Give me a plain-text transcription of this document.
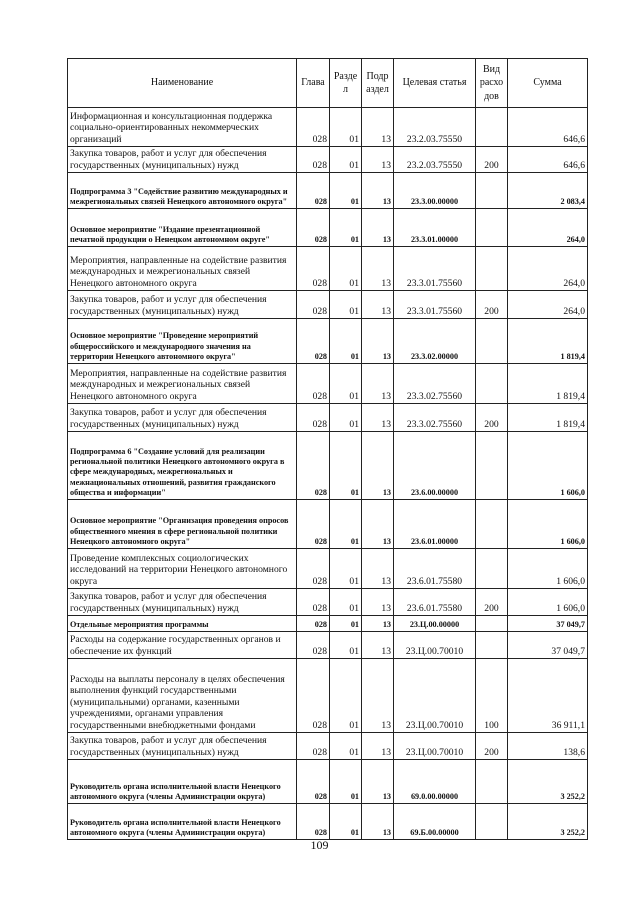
Наименование	Глава	Разде л	Подр аздел	Целевая статья	Вид расхо дов	Сумма
Информационная и консультационная поддержка социально-ориентированных некоммерческих организаций	028	01	13	23.2.03.75550		646,6
Закупка товаров, работ и услуг для обеспечения государственных (муниципальных) нужд	028	01	13	23.2.03.75550	200	646,6
Подпрограмма 3 "Содействие развитию международных и межрегиональных связей Ненецкого автономного округа"	028	01	13	23.3.00.00000		2 083,4
Основное мероприятие "Издание презентационной печатной продукции о Ненецком автономном округе"	028	01	13	23.3.01.00000		264,0
Мероприятия, направленные на содействие развития международных и межрегиональных связей Ненецкого автономного округа	028	01	13	23.3.01.75560		264,0
Закупка товаров, работ и услуг для обеспечения государственных (муниципальных) нужд	028	01	13	23.3.01.75560	200	264,0
Основное мероприятие "Проведение мероприятий общероссийского и международного значения на территории Ненецкого автономного округа"	028	01	13	23.3.02.00000		1 819,4
Мероприятия, направленные на содействие развития международных и межрегиональных связей Ненецкого автономного округа	028	01	13	23.3.02.75560		1 819,4
Закупка товаров, работ и услуг для обеспечения государственных (муниципальных) нужд	028	01	13	23.3.02.75560	200	1 819,4
Подпрограмма 6 "Создание условий для реализации региональной политики Ненецкого автономного округа в сфере международных, межрегиональных и межнациональных отношений, развития гражданского общества и информации"	028	01	13	23.6.00.00000		1 606,0
Основное мероприятие "Организация проведения опросов общественного мнения в сфере региональной политики Ненецкого автономного округа"	028	01	13	23.6.01.00000		1 606,0
Проведение комплексных социологических исследований на территории Ненецкого автономного округа	028	01	13	23.6.01.75580		1 606,0
Закупка товаров, работ и услуг для обеспечения государственных (муниципальных) нужд	028	01	13	23.6.01.75580	200	1 606,0
Отдельные мероприятия программы	028	01	13	23.Ц.00.00000		37 049,7
Расходы на содержание государственных органов и обеспечение их функций	028	01	13	23.Ц.00.70010		37 049,7
Расходы на выплаты персоналу в целях обеспечения выполнения функций государственными (муниципальными) органами, казенными учреждениями, органами управления государственными внебюджетными фондами	028	01	13	23.Ц.00.70010	100	36 911,1
Закупка товаров, работ и услуг для обеспечения государственных (муниципальных) нужд	028	01	13	23.Ц.00.70010	200	138,6
Руководитель органа исполнительной власти Ненецкого автономного округа (члены Администрации округа)	028	01	13	69.0.00.00000		3 252,2
Руководитель органа исполнительной власти Ненецкого автономного округа (члены Администрации округа)	028	01	13	69.Б.00.00000		3 252,2
109
